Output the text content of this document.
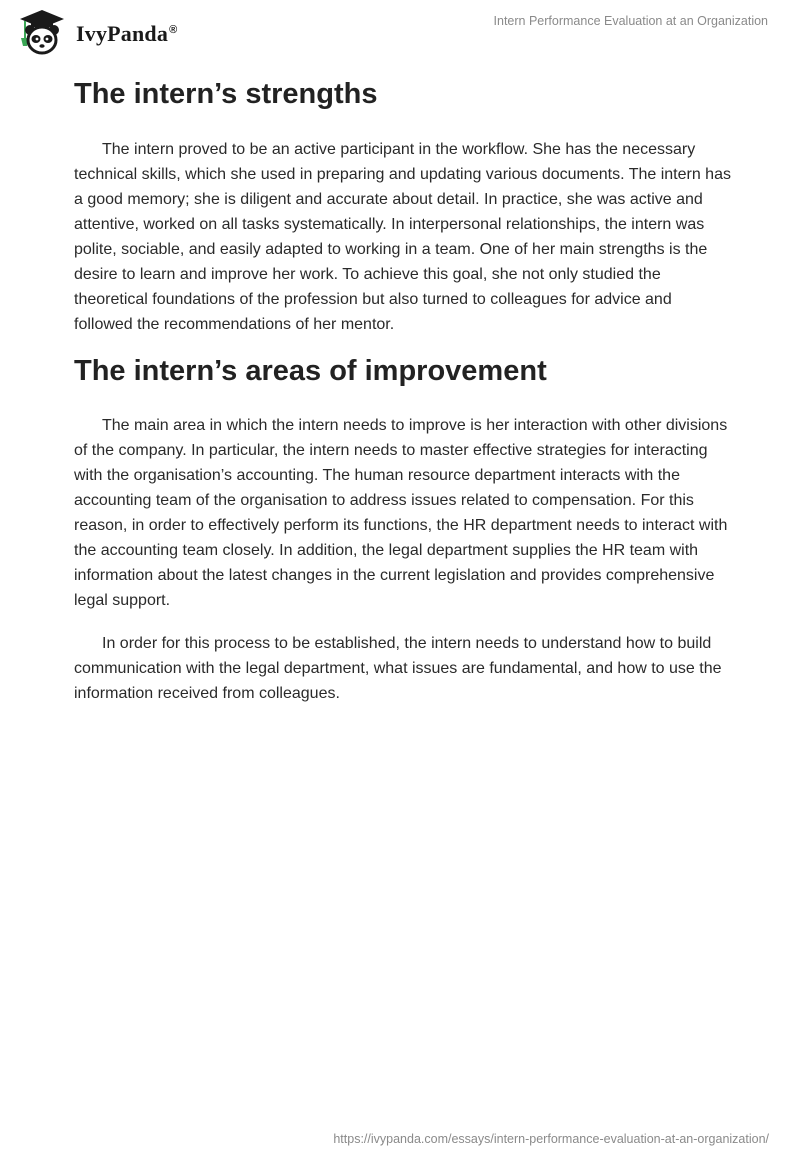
IvyPanda®
Intern Performance Evaluation at an Organization
The intern’s strengths

The intern proved to be an active participant in the workflow. She has the necessary technical skills, which she used in preparing and updating various documents. The intern has a good memory; she is diligent and accurate about detail. In practice, she was active and attentive, worked on all tasks systematically. In interpersonal relationships, the intern was polite, sociable, and easily adapted to working in a team. One of her main strengths is the desire to learn and improve her work. To achieve this goal, she not only studied the theoretical foundations of the profession but also turned to colleagues for advice and followed the recommendations of her mentor.

The intern’s areas of improvement

The main area in which the intern needs to improve is her interaction with other divisions of the company. In particular, the intern needs to master effective strategies for interacting with the organisation’s accounting. The human resource department interacts with the accounting team of the organisation to address issues related to compensation. For this reason, in order to effectively perform its functions, the HR department needs to interact with the accounting team closely. In addition, the legal department supplies the HR team with information about the latest changes in the current legislation and provides comprehensive legal support.

In order for this process to be established, the intern needs to understand how to build communication with the legal department, what issues are fundamental, and how to use the information received from colleagues.

https://ivypanda.com/essays/intern-performance-evaluation-at-an-organization/
